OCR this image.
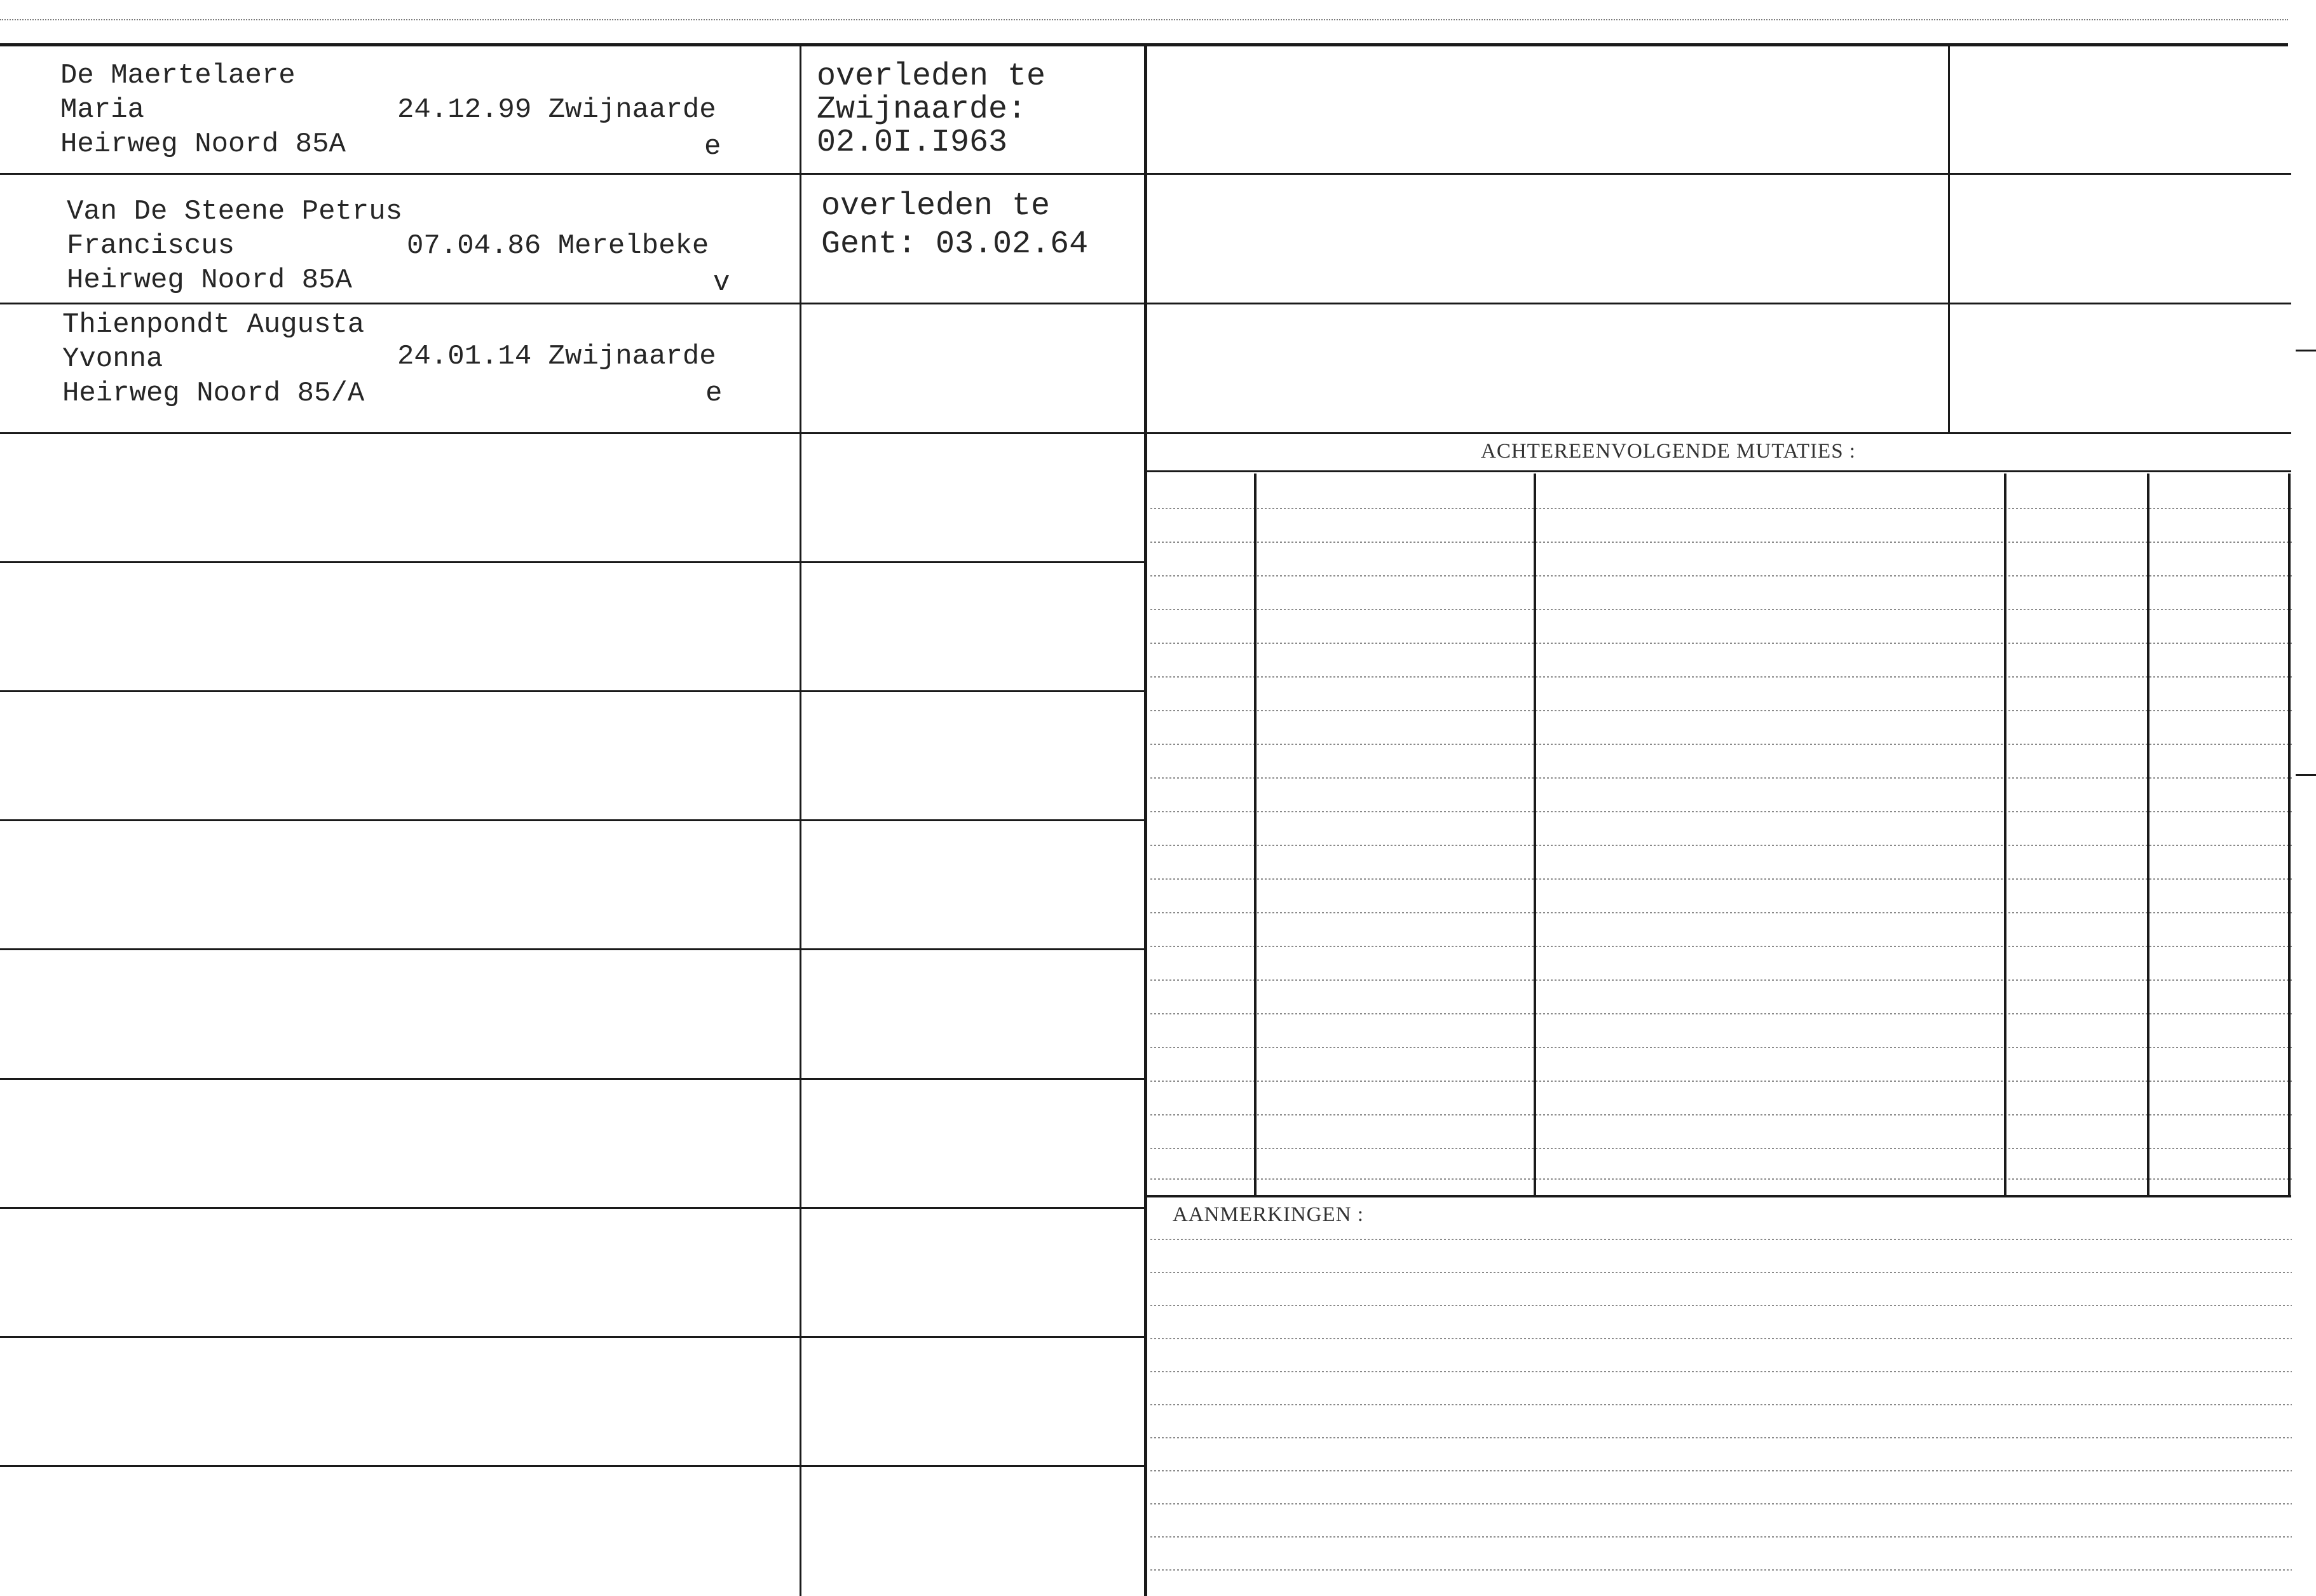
De Maertelaere
Maria	24.12.99 Zwijnaarde
Heirweg Noord 85A	e
overleden te
Zwijnaarde:
02.0I.I963
Van De Steene Petrus
Franciscus	07.04.86 Merelbeke
Heirweg Noord 85A	v
overleden te
Gent: 03.02.64
Thienpondt Augusta
Yvonna	24.01.14 Zwijnaarde
Heirweg Noord 85/A	e
ACHTEREENVOLGENDE MUTATIES :
AANMERKINGEN :
